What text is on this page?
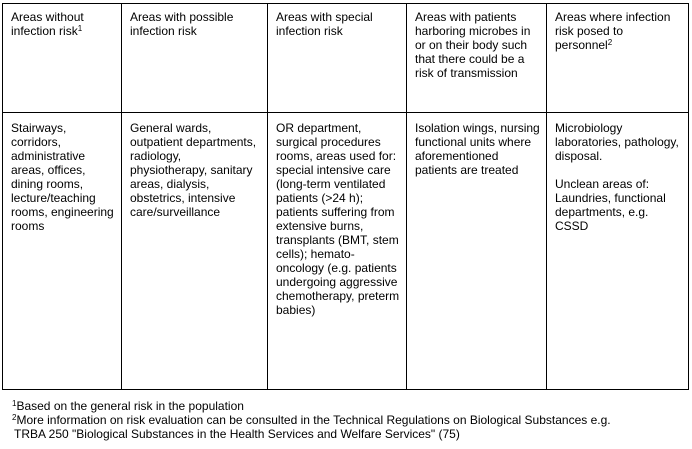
Areas without infection risk$^1$	Areas with possible infection risk	Areas with special infection risk	Areas with patients harboring microbes in or on their body such that there could be a risk of transmission	Areas where infection risk posed to personnel$^2$

Stairways, corridors, administrative areas, offices, dining rooms, lecture/teaching rooms, engineering rooms	General wards, outpatient departments, radiology, physiotherapy, sanitary areas, dialysis, obstetrics, intensive care/surveillance	OR department, surgical procedures rooms, areas used for: special intensive care (long-term ventilated patients (>24 h); patients suffering from extensive burns, transplants (BMT, stem cells); hemato-oncology (e.g. patients undergoing aggressive chemotherapy, preterm babies)	Isolation wings, nursing functional units where aforementioned patients are treated	Microbiology laboratories, pathology, disposal.
Unclean areas of: Laundries, functional departments, e.g. CSSD
$^1$Based on the general risk in the population
$^2$More information on risk evaluation can be consulted in the Technical Regulations on Biological Substances e.g.
TRBA 250 "Biological Substances in the Health Services and Welfare Services" (75)
